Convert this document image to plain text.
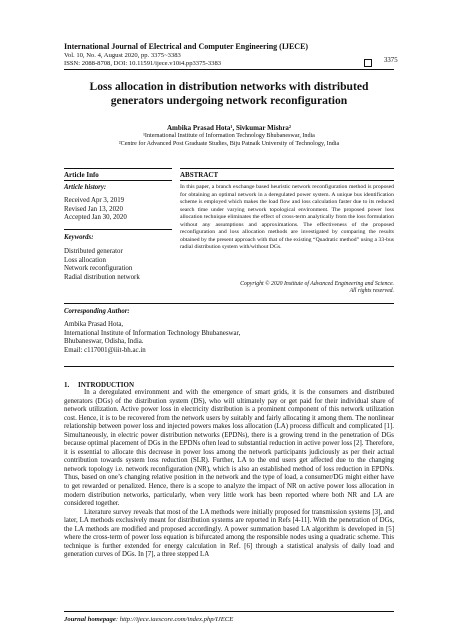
International Journal of Electrical and Computer Engineering (IJECE)
Vol. 10, No. 4, August 2020, pp. 3375~3383
ISSN: 2088-8708, DOI: 10.11591/ijece.v10i4.pp3375-3383	3375
Loss allocation in distribution networks with distributed
generators undergoing network reconfiguration
Ambika Prasad Hota¹, Sivkumar Mishra²
¹International Institute of Information Technology Bhubaneswar, India
²Centre for Advanced Post Graduate Studies, Biju Patnaik University of Technology, India
Article Info	ABSTRACT
Article history:
Received Apr 3, 2019
Revised Jan 13, 2020
Accepted Jan 30, 2020
Keywords:
Distributed generator
Loss allocation
Network reconfiguration
Radial distribution network
In this paper, a branch exchange based heuristic network reconfiguration method is proposed for obtaining an optimal network in a deregulated power system. A unique bus identification scheme is employed which makes the load flow and loss calculation faster due to its reduced search time under varying network topological environment. The proposed power loss allocation technique eliminates the effect of cross-term analytically from the loss formulation without any assumptions and approximations. The effectiveness of the proposed reconfiguration and loss allocation methods are investigated by comparing the results obtained by the present approach with that of the existing “Quadratic method” using a 33-bus radial distribution system with/without DGs.
Copyright © 2020 Institute of Advanced Engineering and Science.
All rights reserved.
Corresponding Author:
Ambika Prasad Hota,
International Institute of Information Technology Bhubaneswar,
Bhubaneswar, Odisha, India.
Email: c117001@iiit-bh.ac.in
1.     INTRODUCTION

In a deregulated environment and with the emergence of smart grids, it is the consumers and distributed generators (DGs) of the distribution system (DS), who will ultimately pay or get paid for their individual share of network utilization. Active power loss in electricity distribution is a prominent component of this network utilization cost. Hence, it is to be recovered from the network users by suitably and fairly allocating it among them. The nonlinear relationship between power loss and injected powers makes loss allocation (LA) process difficult and complicated [1]. Simultaneously, in electric power distribution networks (EPDNs), there is a growing trend in the penetration of DGs because optimal placement of DGs in the EPDNs often lead to substantial reduction in active power loss [2]. Therefore, it is essential to allocate this decrease in power loss among the network participants judiciously as per their actual contribution towards system loss reduction (SLR). Further, LA to the end users get affected due to the changing network topology i.e. network reconfiguration (NR), which is also an established method of loss reduction in EPDNs. Thus, based on one’s changing relative position in the network and the type of load, a consumer/DG might either have to get rewarded or penalized. Hence, there is a scope to analyze the impact of NR on active power loss allocation in modern distribution networks, particularly, when very little work has been reported where both NR and LA are considered together.

Literature survey reveals that most of the LA methods were initially proposed for transmission systems [3], and later, LA methods exclusively meant for distribution systems are reported in Refs [4-11]. With the penetration of DGs, the LA methods are modified and proposed accordingly. A power summation based LA algorithm is developed in [5] where the cross-term of power loss equation is bifurcated among the responsible nodes using a quadratic scheme. This technique is further extended for energy calculation in Ref. [6] through a statistical analysis of daily load and generation curves of DGs. In [7], a three stepped LA

Journal homepage: http://ijece.iaescore.com/index.php/IJECE
